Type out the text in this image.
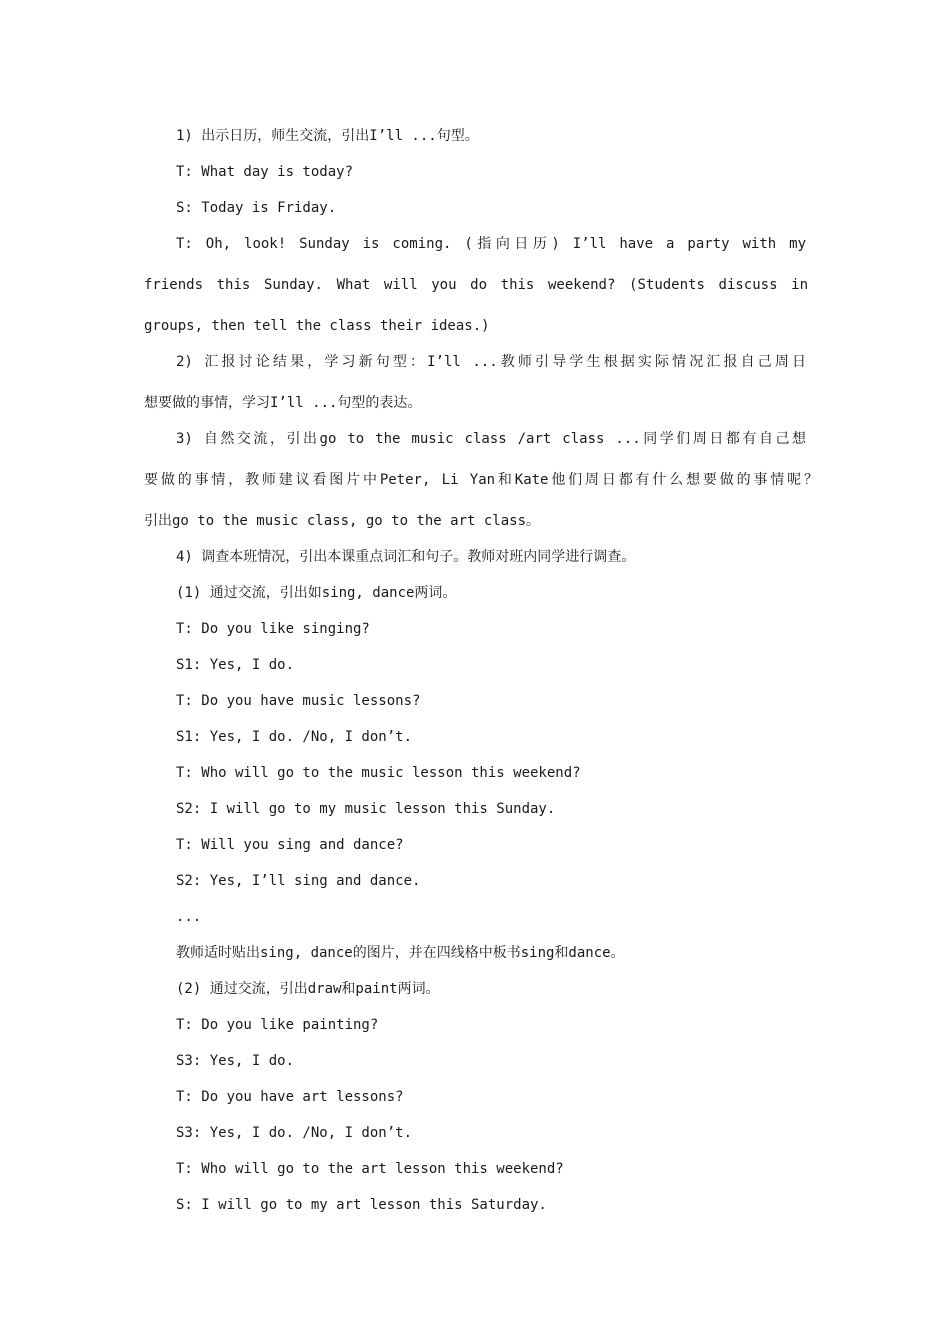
1) 出示日历，师生交流，引出I’ll ...句型。
T: What day is today?
S: Today is Friday.
T: Oh, look! Sunday is coming. (指向日历) I’ll have a party with my
friends this Sunday. What will you do this weekend? (Students discuss in
groups, then tell the class their ideas.)
2) 汇报讨论结果，学习新句型：I’ll ...教师引导学生根据实际情况汇报自己周日
想要做的事情，学习I’ll ...句型的表达。
3) 自然交流，引出go to the music class /art class ...同学们周日都有自己想
要做的事情，教师建议看图片中Peter, Li Yan和Kate他们周日都有什么想要做的事情呢？
引出go to the music class, go to the art class。
4) 调查本班情况，引出本课重点词汇和句子。教师对班内同学进行调查。
(1) 通过交流，引出如sing, dance两词。
T: Do you like singing?
S1: Yes, I do.
T: Do you have music lessons?
S1: Yes, I do. /No, I don’t.
T: Who will go to the music lesson this weekend?
S2: I will go to my music lesson this Sunday.
T: Will you sing and dance?
S2: Yes, I’ll sing and dance.
...
教师适时贴出sing, dance的图片，并在四线格中板书sing和dance。
(2) 通过交流，引出draw和paint两词。
T: Do you like painting?
S3: Yes, I do.
T: Do you have art lessons?
S3: Yes, I do. /No, I don’t.
T: Who will go to the art lesson this weekend?
S: I will go to my art lesson this Saturday.
